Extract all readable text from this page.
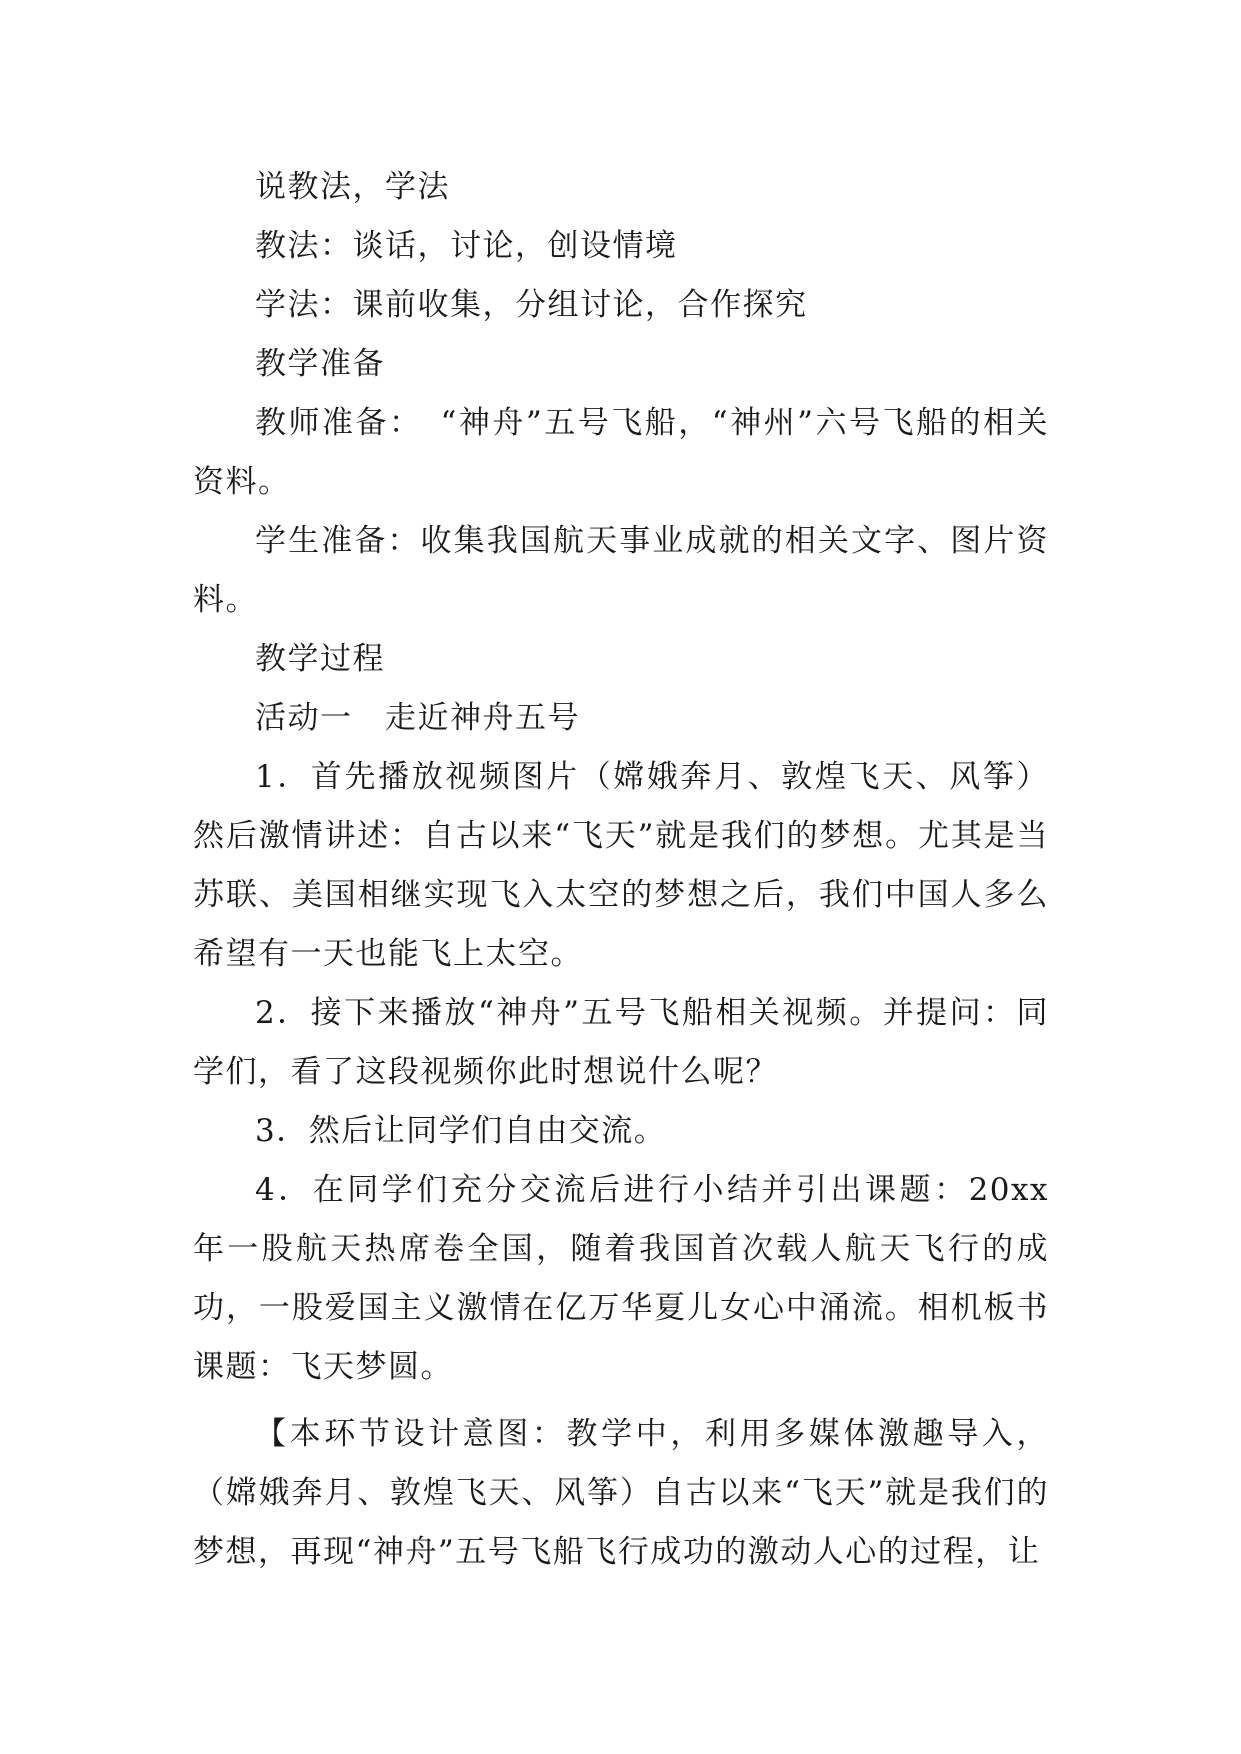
说教法，学法

教法：谈话，讨论，创设情境

学法：课前收集，分组讨论，合作探究

教学准备

教师准备：　“神舟”五号飞船，“神州”六号飞船的相关资料。

学生准备：收集我国航天事业成就的相关文字、图片资料。

教学过程

活动一　走近神舟五号

1．首先播放视频图片（嫦娥奔月、敦煌飞天、风筝）然后激情讲述：自古以来“飞天”就是我们的梦想。尤其是当苏联、美国相继实现飞入太空的梦想之后，我们中国人多么希望有一天也能飞上太空。

2．接下来播放“神舟”五号飞船相关视频。并提问：同学们，看了这段视频你此时想说什么呢？

3．然后让同学们自由交流。

4．在同学们充分交流后进行小结并引出课题：20xx 年一股航天热席卷全国，随着我国首次载人航天飞行的成功，一股爱国主义激情在亿万华夏儿女心中涌流。相机板书课题：飞天梦圆。

【本环节设计意图：教学中，利用多媒体激趣导入，（嫦娥奔月、敦煌飞天、风筝）自古以来“飞天”就是我们的梦想，再现“神舟”五号飞船飞行成功的激动人心的过程，让
